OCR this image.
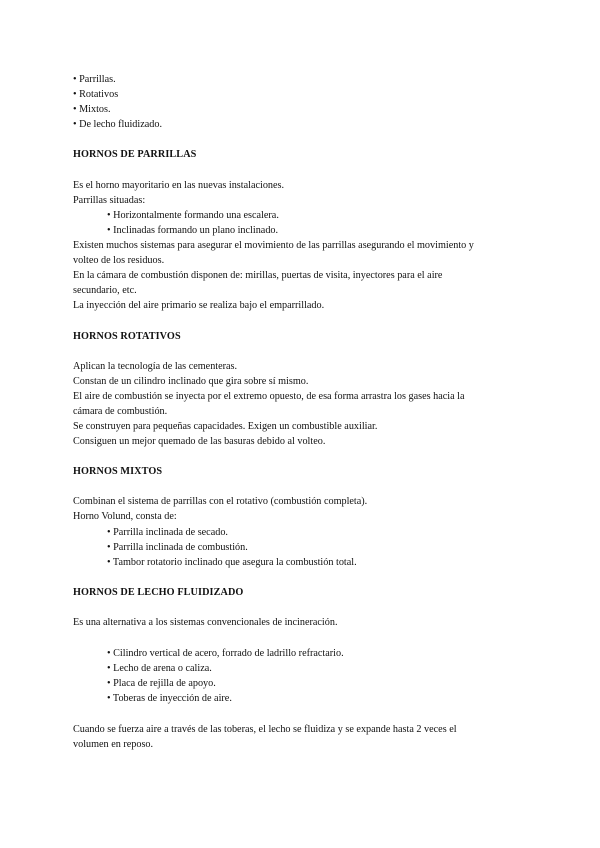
• Parrillas.
• Rotativos
• Mixtos.
• De lecho fluidizado.
HORNOS DE PARRILLAS
Es el horno mayoritario en las nuevas instalaciones.
Parrillas situadas:
• Horizontalmente formando una escalera.
• Inclinadas formando un plano inclinado.
Existen muchos sistemas para asegurar el movimiento de las parrillas asegurando el movimiento y
volteo de los residuos.
En la cámara de combustión disponen de: mirillas, puertas de visita, inyectores para el aire
secundario, etc.
La inyección del aire primario se realiza bajo el emparrillado.
HORNOS ROTATIVOS
Aplican la tecnología de las cementeras.
Constan de un cilindro inclinado que gira sobre sí mismo.
El aire de combustión se inyecta por el extremo opuesto, de esa forma arrastra los gases hacia la
cámara de combustión.
Se construyen para pequeñas capacidades. Exigen un combustible auxiliar.
Consiguen un mejor quemado de las basuras debido al volteo.
HORNOS MIXTOS
Combinan el sistema de parrillas con el rotativo (combustión completa).
Horno Volund, consta de:
• Parrilla inclinada de secado.
• Parrilla inclinada de combustión.
• Tambor rotatorio inclinado que asegura la combustión total.
HORNOS DE LECHO FLUIDIZADO
Es una alternativa a los sistemas convencionales de incineración.
• Cilindro vertical de acero, forrado de ladrillo refractario.
• Lecho de arena o caliza.
• Placa de rejilla de apoyo.
• Toberas de inyección de aire.
Cuando se fuerza aire a través de las toberas, el lecho se fluidiza y se expande hasta 2 veces el
volumen en reposo.
